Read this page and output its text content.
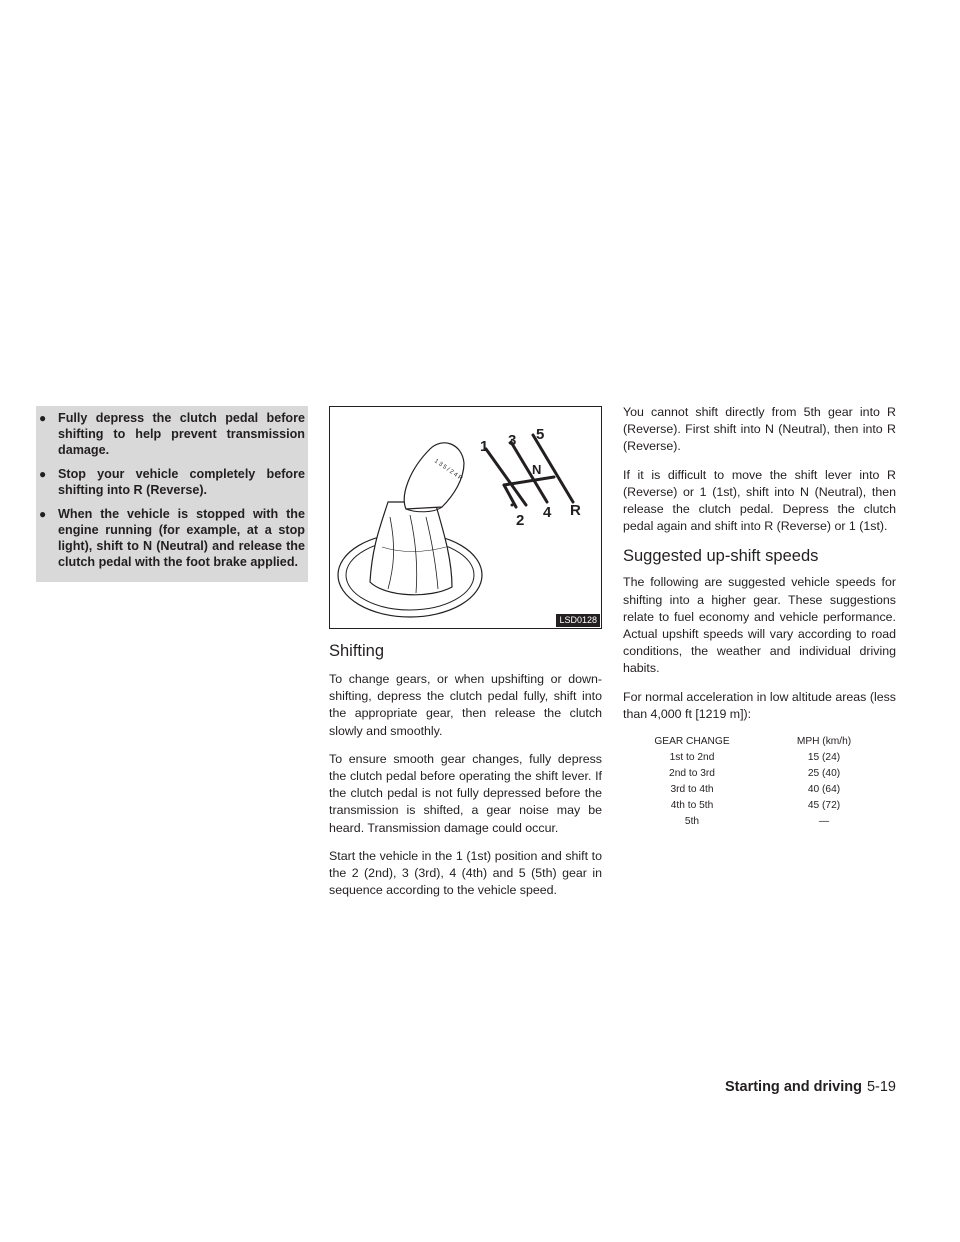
● Fully depress the clutch pedal before shifting to help prevent transmission damage.
● Stop your vehicle completely before shifting into R (Reverse).
● When the vehicle is stopped with the engine running (for example, at a stop light), shift to N (Neutral) and release the clutch pedal with the foot brake applied.
1 3 5 / 2 4 R
1 3 5
N
2 4 R
LSD0128
Shifting

To change gears, or when upshifting or down-shifting, depress the clutch pedal fully, shift into the appropriate gear, then release the clutch slowly and smoothly.

To ensure smooth gear changes, fully depress the clutch pedal before operating the shift lever. If the clutch pedal is not fully depressed before the transmission is shifted, a gear noise may be heard. Transmission damage could occur.

Start the vehicle in the 1 (1st) position and shift to the 2 (2nd), 3 (3rd), 4 (4th) and 5 (5th) gear in sequence according to the vehicle speed.

You cannot shift directly from 5th gear into R (Reverse). First shift into N (Neutral), then into R (Reverse).

If it is difficult to move the shift lever into R (Reverse) or 1 (1st), shift into N (Neutral), then release the clutch pedal. Depress the clutch pedal again and shift into R (Reverse) or 1 (1st).

Suggested up-shift speeds

The following are suggested vehicle speeds for shifting into a higher gear. These suggestions relate to fuel economy and vehicle performance. Actual upshift speeds will vary according to road conditions, the weather and individual driving habits.

For normal acceleration in low altitude areas (less than 4,000 ft [1219 m]):

GEAR CHANGE	MPH (km/h)
1st to 2nd	15 (24)
2nd to 3rd	25 (40)
3rd to 4th	40 (64)
4th to 5th	45 (72)
5th	—
Starting and driving 5-19
